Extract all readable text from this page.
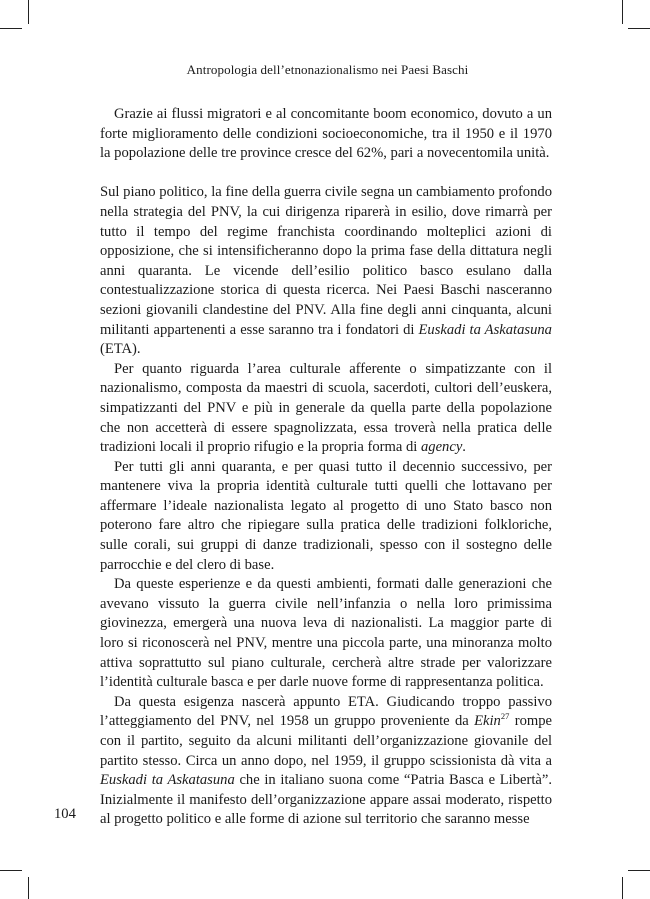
Antropologia dell’etnonazionalismo nei Paesi Baschi

Grazie ai flussi migratori e al concomitante boom economico, dovuto a un forte miglioramento delle condizioni socioeconomiche, tra il 1950 e il 1970 la popolazione delle tre province cresce del 62%, pari a novecentomila unità.

Sul piano politico, la fine della guerra civile segna un cambiamento profondo nella strategia del PNV, la cui dirigenza riparerà in esilio, dove rimarrà per tutto il tempo del regime franchista coordinando molteplici azioni di opposizione, che si intensificheranno dopo la prima fase della dittatura negli anni quaranta. Le vicende dell’esilio politico basco esulano dalla contestualizzazione storica di questa ricerca. Nei Paesi Baschi nasceranno sezioni giovanili clandestine del PNV. Alla fine degli anni cinquanta, alcuni militanti appartenenti a esse saranno tra i fondatori di Euskadi ta Askatasuna (ETA).

Per quanto riguarda l’area culturale afferente o simpatizzante con il nazionalismo, composta da maestri di scuola, sacerdoti, cultori dell’euskera, simpatizzanti del PNV e più in generale da quella parte della popolazione che non accetterà di essere spagnolizzata, essa troverà nella pratica delle tradizioni locali il proprio rifugio e la propria forma di agency.

Per tutti gli anni quaranta, e per quasi tutto il decennio successivo, per mantenere viva la propria identità culturale tutti quelli che lottavano per affermare l’ideale nazionalista legato al progetto di uno Stato basco non poterono fare altro che ripiegare sulla pratica delle tradizioni folkloriche, sulle corali, sui gruppi di danze tradizionali, spesso con il sostegno delle parrocchie e del clero di base.

Da queste esperienze e da questi ambienti, formati dalle generazioni che avevano vissuto la guerra civile nell’infanzia o nella loro primissima giovinezza, emergerà una nuova leva di nazionalisti. La maggior parte di loro si riconoscerà nel PNV, mentre una piccola parte, una minoranza molto attiva soprattutto sul piano culturale, cercherà altre strade per valorizzare l’identità culturale basca e per darle nuove forme di rappresentanza politica.

Da questa esigenza nascerà appunto ETA. Giudicando troppo passivo l’atteggiamento del PNV, nel 1958 un gruppo proveniente da Ekin$^{27}$ rompe con il partito, seguito da alcuni militanti dell’organizzazione giovanile del partito stesso. Circa un anno dopo, nel 1959, il gruppo scissionista dà vita a Euskadi ta Askatasuna che in italiano suona come “Patria Basca e Libertà”. Inizialmente il manifesto dell’organizzazione appare assai moderato, rispetto al progetto politico e alle forme di azione sul territorio che saranno messe

104
